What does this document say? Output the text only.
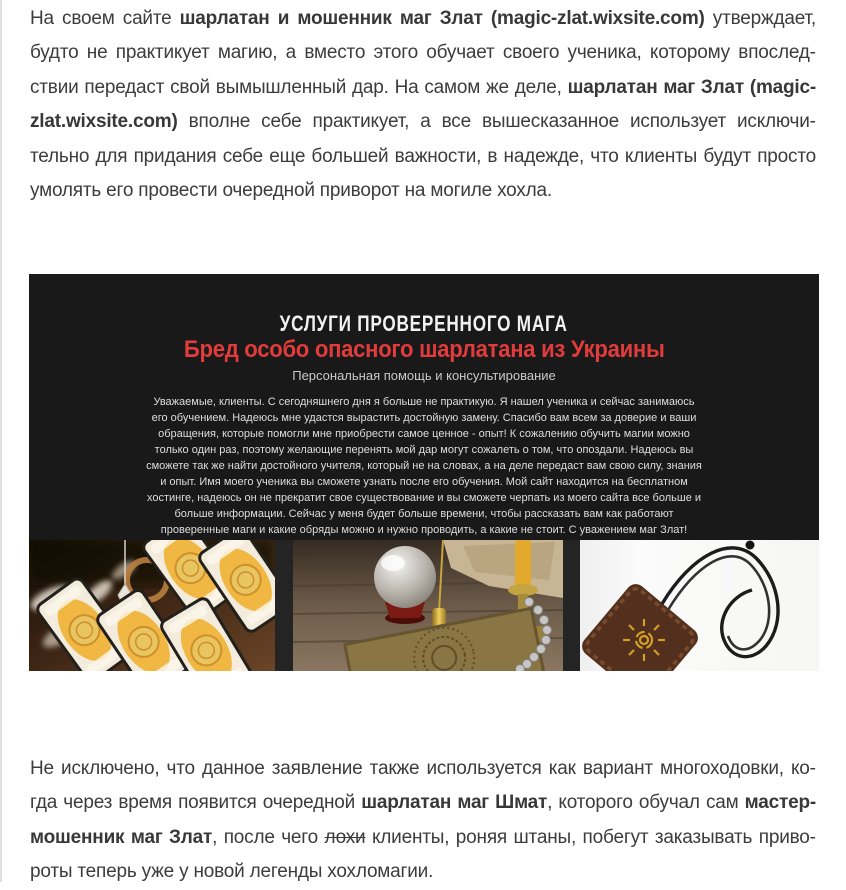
На своем сайте шарлатан и мошенник маг Злат (magic-zlat.wixsite.com) утверждает, будто не практикует магию, а вместо этого обучает своего ученика, которому впоследствии передаст свой вымышленный дар. На самом же деле, шарлатан маг Злат (magic-zlat.wixsite.com) вполне себе практикует, а все вышесказанное использует исключительно для придания себе еще большей важности, в надежде, что клиенты будут просто умолять его провести очередной приворот на могиле хохла.

УСЛУГИ ПРОВЕРЕННОГО МАГА
Бред особо опасного шарлатана из Украины
Персональная помощь и консультирование

Уважаемые, клиенты. С сегодняшнего дня я больше не практикую. Я нашел ученика и сейчас занимаюсь его обучением. Надеюсь мне удастся вырастить достойную замену. Спасибо вам всем за доверие и ваши обращения, которые помогли мне приобрести самое ценное - опыт! К сожалению обучить магии можно только один раз, поэтому желающие перенять мой дар могут сожалеть о том, что опоздали. Надеюсь вы сможете так же найти достойного учителя, который не на словах, а на деле передаст вам свою силу, знания и опыт. Имя моего ученика вы сможете узнать после его обучения. Мой сайт находится на бесплатном хостинге, надеюсь он не прекратит свое существование и вы сможете черпать из моего сайта все больше и больше информации. Сейчас у меня будет больше времени, чтобы рассказать вам как работают проверенные маги и какие обряды можно и нужно проводить, а какие не стоит. С уважением маг Злат!

Не исключено, что данное заявление также используется как вариант многоходовки, когда через время появится очередной шарлатан маг Шмат, которого обучал сам мастер-мошенник маг Злат, после чего лохи клиенты, роняя штаны, побегут заказывать привороты теперь уже у новой легенды хохломагии.
